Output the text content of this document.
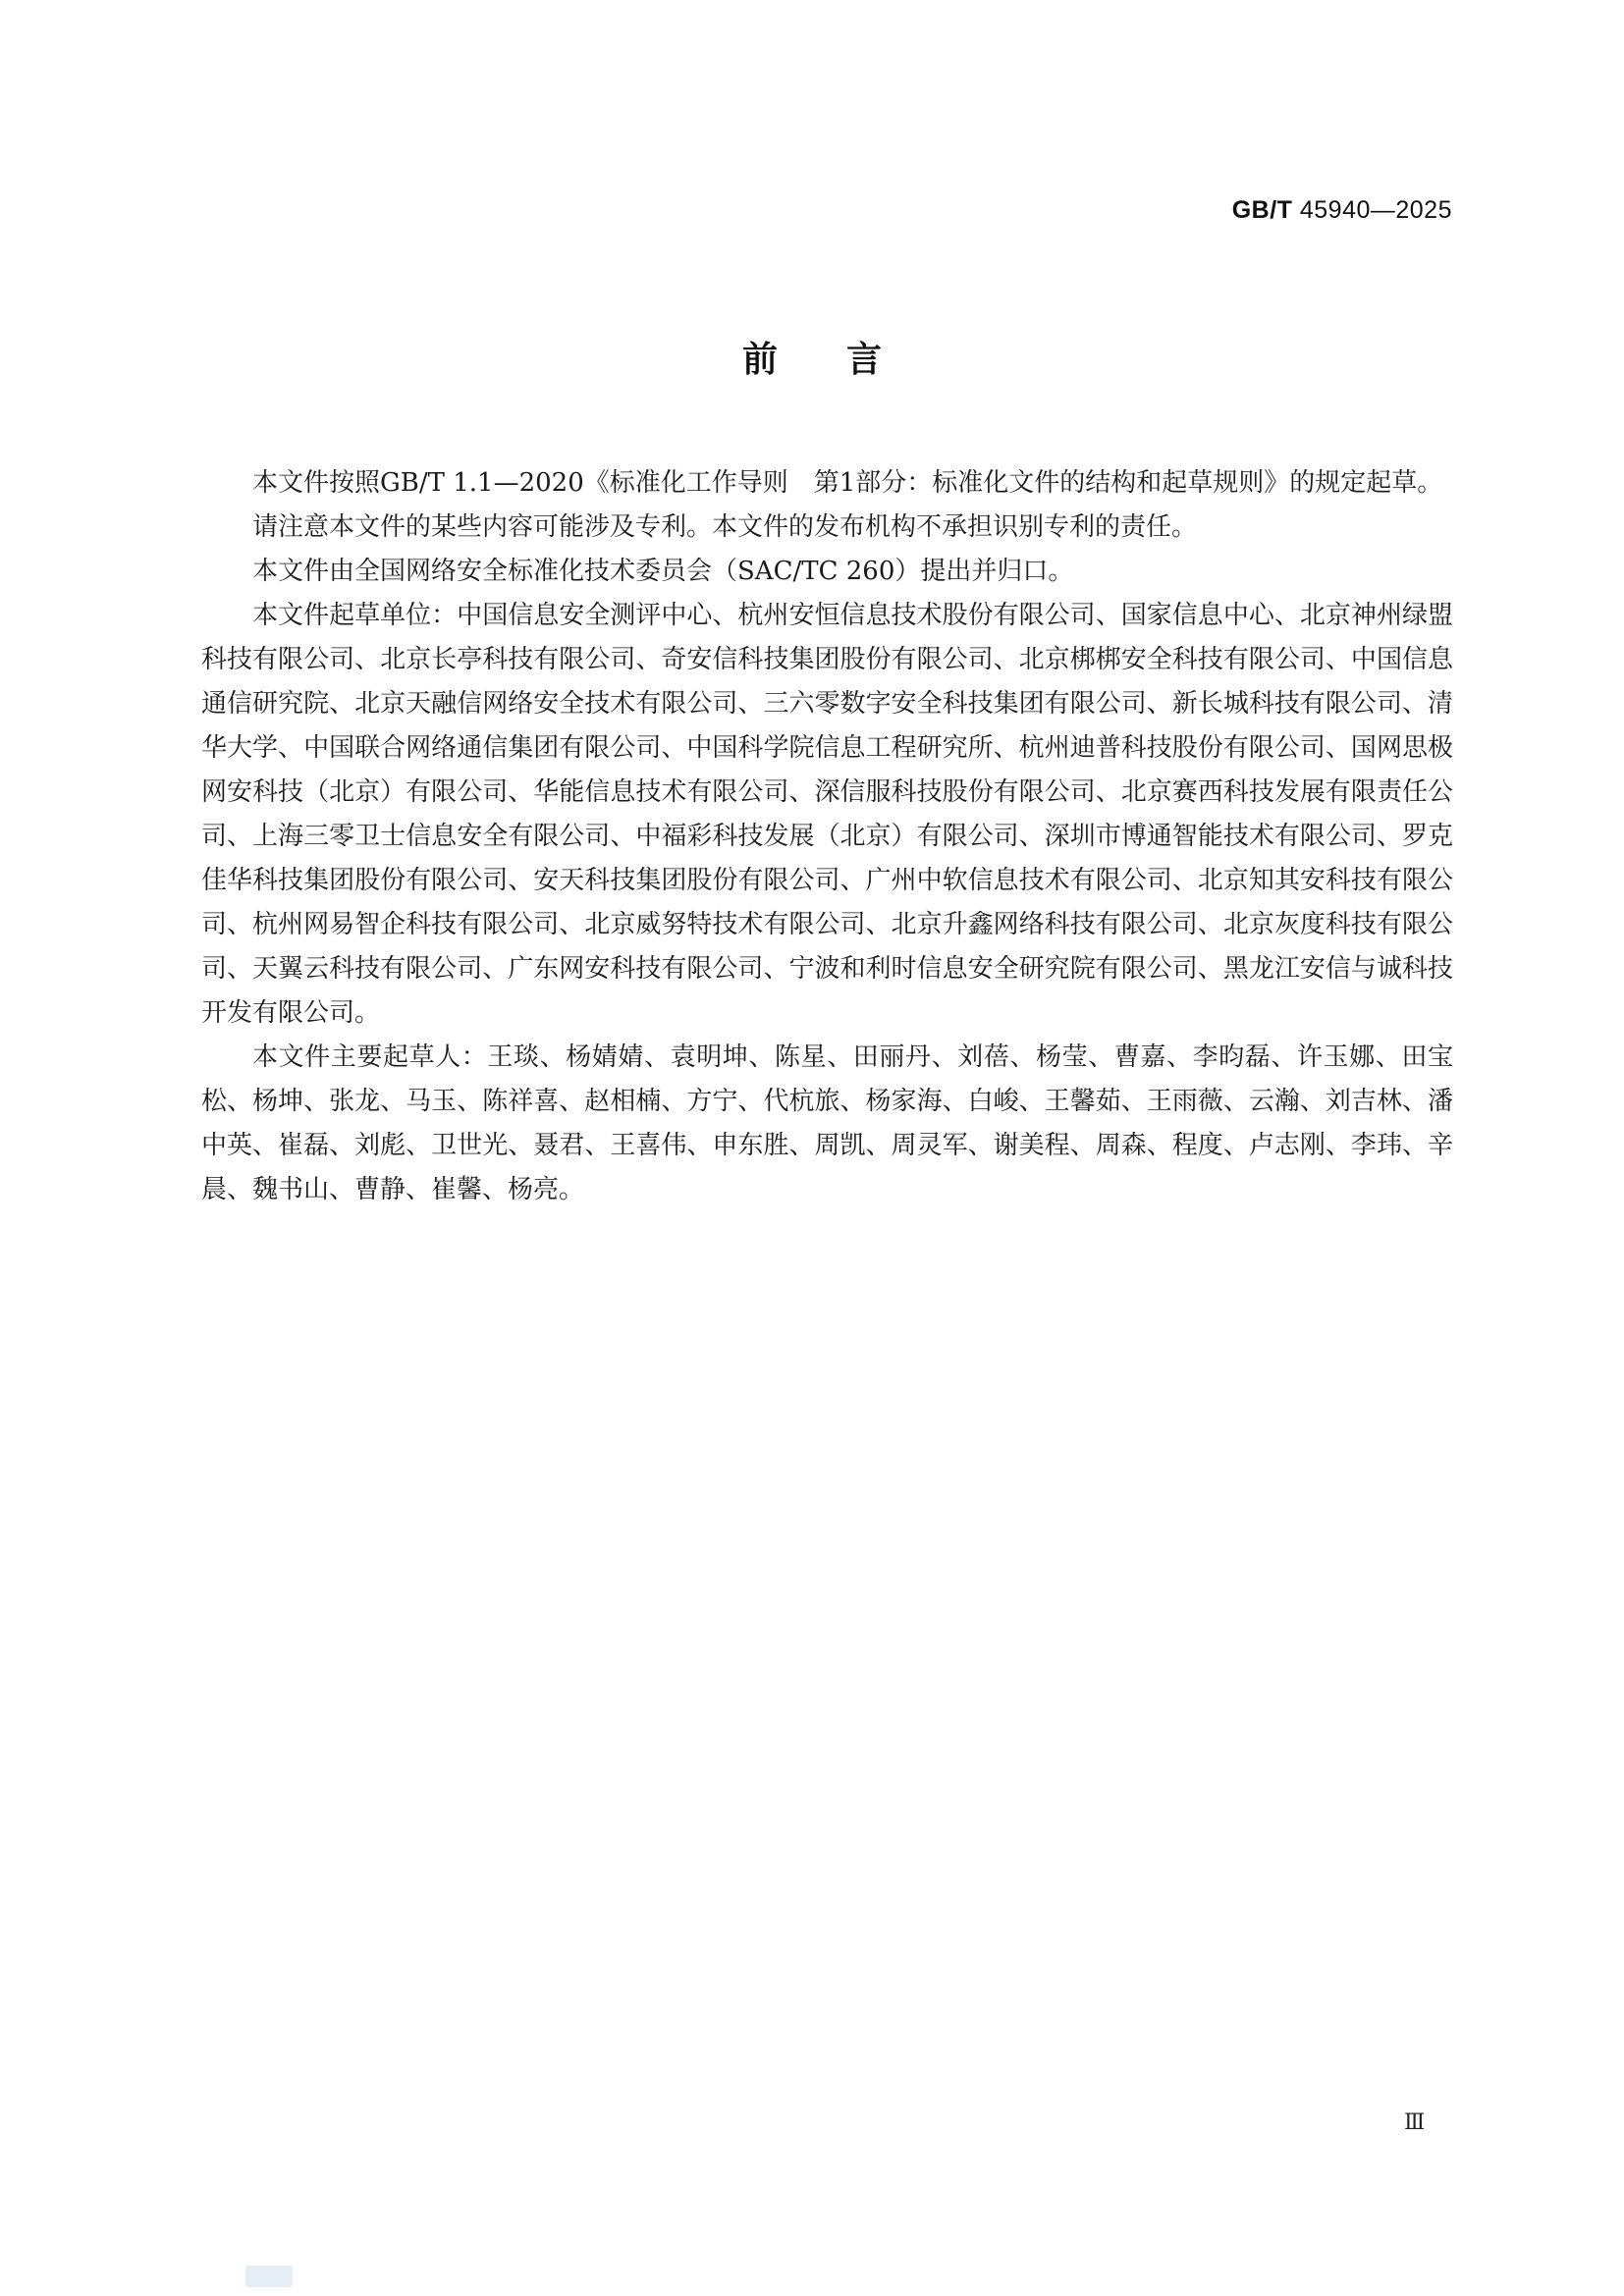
GB/T 45940—2025
前言

本文件按照GB/T 1.1—2020《标准化工作导则　第1部分：标准化文件的结构和起草规则》的规定起草。

请注意本文件的某些内容可能涉及专利。本文件的发布机构不承担识别专利的责任。

本文件由全国网络安全标准化技术委员会（SAC/TC 260）提出并归口。

本文件起草单位：中国信息安全测评中心、杭州安恒信息技术股份有限公司、国家信息中心、北京神州绿盟科技有限公司、北京长亭科技有限公司、奇安信科技集团股份有限公司、北京梆梆安全科技有限公司、中国信息通信研究院、北京天融信网络安全技术有限公司、三六零数字安全科技集团有限公司、新长城科技有限公司、清华大学、中国联合网络通信集团有限公司、中国科学院信息工程研究所、杭州迪普科技股份有限公司、国网思极网安科技（北京）有限公司、华能信息技术有限公司、深信服科技股份有限公司、北京赛西科技发展有限责任公司、上海三零卫士信息安全有限公司、中福彩科技发展（北京）有限公司、深圳市博通智能技术有限公司、罗克佳华科技集团股份有限公司、安天科技集团股份有限公司、广州中软信息技术有限公司、北京知其安科技有限公司、杭州网易智企科技有限公司、北京威努特技术有限公司、北京升鑫网络科技有限公司、北京灰度科技有限公司、天翼云科技有限公司、广东网安科技有限公司、宁波和利时信息安全研究院有限公司、黑龙江安信与诚科技开发有限公司。

本文件主要起草人：王琰、杨婧婧、袁明坤、陈星、田丽丹、刘蓓、杨莹、曹嘉、李昀磊、许玉娜、田宝松、杨坤、张龙、马玉、陈祥喜、赵相楠、方宁、代杭旅、杨家海、白峻、王馨茹、王雨薇、云瀚、刘吉林、潘中英、崔磊、刘彪、卫世光、聂君、王喜伟、申东胜、周凯、周灵军、谢美程、周森、程度、卢志刚、李玮、辛晨、魏书山、曹静、崔馨、杨亮。

Ⅲ
